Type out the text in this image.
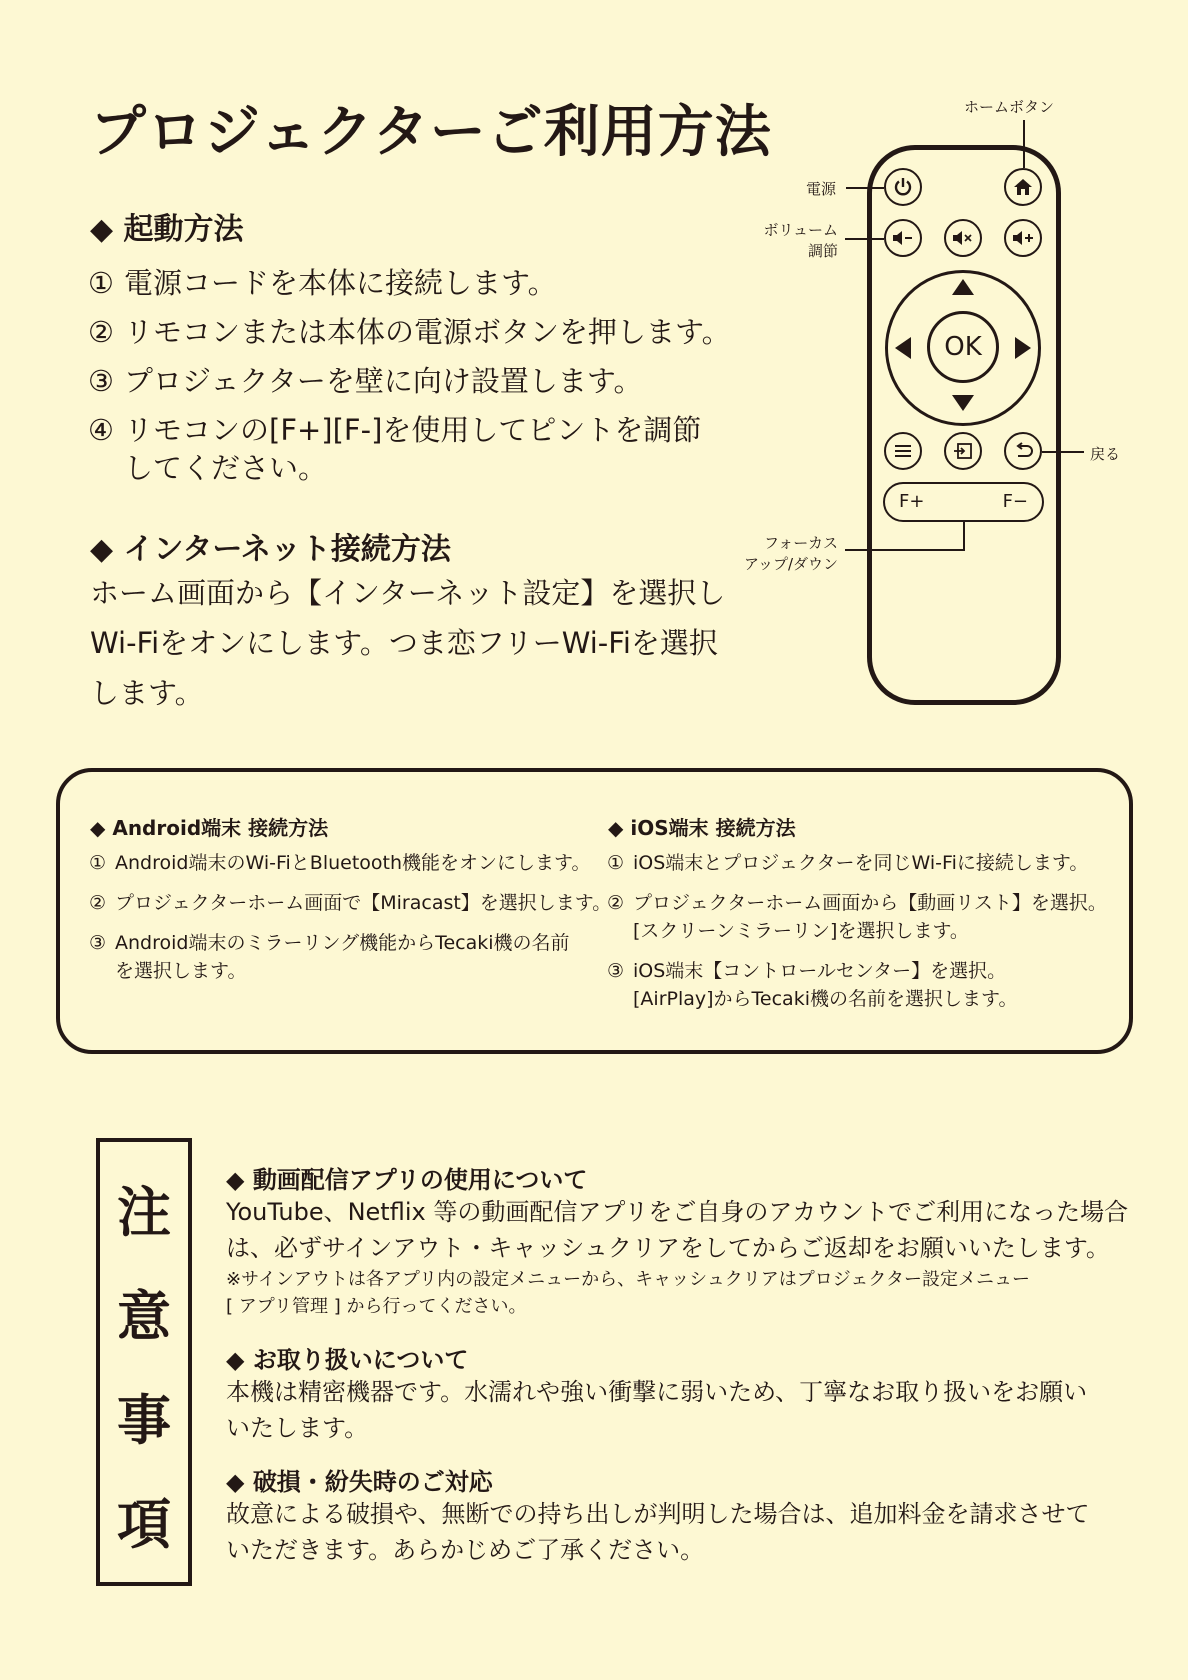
プロジェクターご利用方法
◆ 起動方法
① 電源コードを本体に接続します。
② リモコンまたは本体の電源ボタンを押します。
③ プロジェクターを壁に向け設置します。
④ リモコンの[F+][F-]を使用してピントを調節
してください。
◆ インターネット接続方法
ホーム画面から【インターネット設定】を選択し
Wi-Fiをオンにします。つま恋フリーWi-Fiを選択
します。
OK
F+	F−
ホームボタン
電源
ボリューム
調節
戻る
フォーカス
アップ/ダウン
◆ Android端末 接続方法
① Android端末のWi-FiとBluetooth機能をオンにします。
② プロジェクターホーム画面で【Miracast】を選択します。
③ Android端末のミラーリング機能からTecaki機の名前
を選択します。
◆ iOS端末 接続方法
① iOS端末とプロジェクターを同じWi-Fiに接続します。
② プロジェクターホーム画面から【動画リスト】を選択。
[スクリーンミラーリン]を選択します。
③ iOS端末【コントロールセンター】を選択。
[AirPlay]からTecaki機の名前を選択します。
注
意
事
項
◆ 動画配信アプリの使用について
YouTube、Netflix 等の動画配信アプリをご自身のアカウントでご利用になった場合
は、必ずサインアウト・キャッシュクリアをしてからご返却をお願いいたします。
※サインアウトは各アプリ内の設定メニューから、キャッシュクリアはプロジェクター設定メニュー
[ アプリ管理 ] から行ってください。
◆ お取り扱いについて
本機は精密機器です。水濡れや強い衝撃に弱いため、丁寧なお取り扱いをお願い
いたします。
◆ 破損・紛失時のご対応
故意による破損や、無断での持ち出しが判明した場合は、追加料金を請求させて
いただきます。あらかじめご了承ください。
